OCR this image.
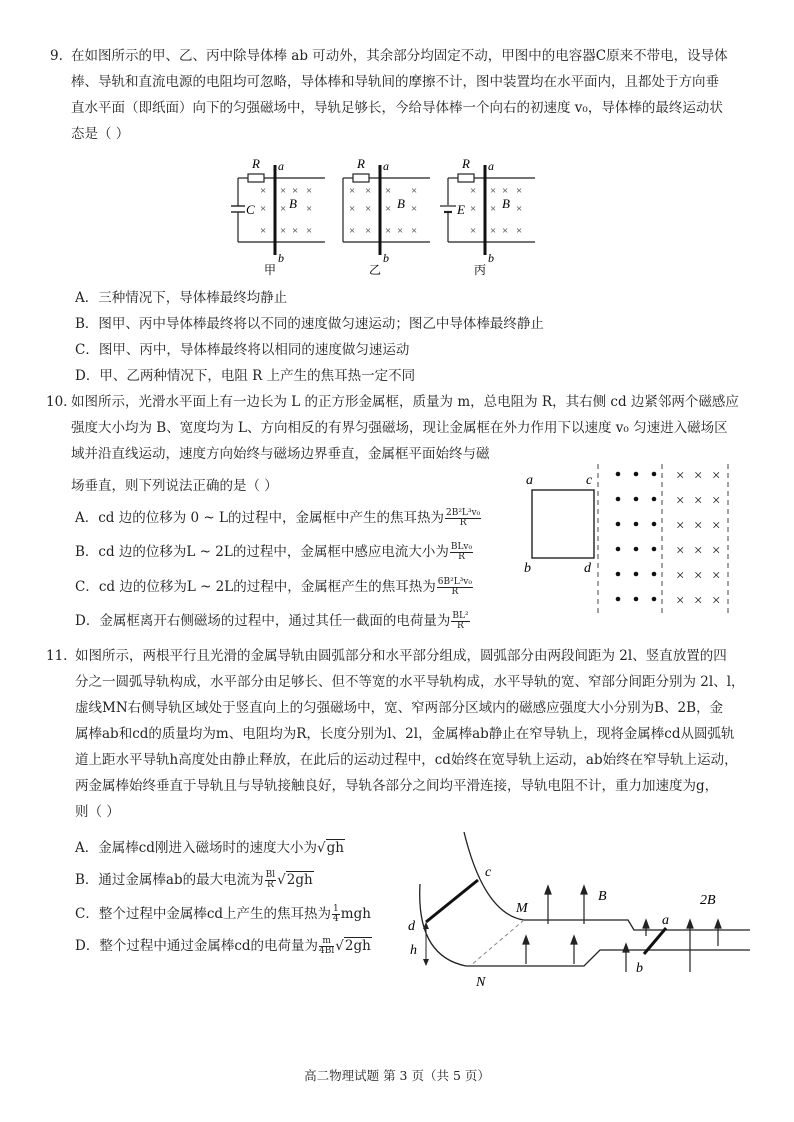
9. 在如图所示的甲、乙、丙中除导体棒 ab 可动外，其余部分均固定不动，甲图中的电容器C原来不带电，设导体
棒、导轨和直流电源的电阻均可忽略，导体棒和导轨间的摩擦不计，图中装置均在水平面内，且都处于方向垂
直水平面（即纸面）向下的匀强磁场中，导轨足够长，今给导体棒一个向右的初速度 v₀，导体棒的最终运动状
态是（ ）
R a
b
C	B
甲
× × × ×
× × ×
× × × ×
R a
b
B
乙
× × × ×
× × × ×
× × × × ×
R a
b
E	B
丙
× × × ×
× × ×
× × × ×
A．三种情况下，导体棒最终均静止
B．图甲、丙中导体棒最终将以不同的速度做匀速运动；图乙中导体棒最终静止
C．图甲、丙中，导体棒最终将以相同的速度做匀速运动
D．甲、乙两种情况下，电阻 R 上产生的焦耳热一定不同
10. 如图所示，光滑水平面上有一边长为 L 的正方形金属框，质量为 m，总电阻为 R，其右侧 cd 边紧邻两个磁感应
强度大小均为 B、宽度均为 L、方向相反的有界匀强磁场，现让金属框在外力作用下以速度 v₀ 匀速进入磁场区
域并沿直线运动，速度方向始终与磁场边界垂直，金属框平面始终与磁
场垂直，则下列说法正确的是（ ）
A．cd 边的位移为 0 ~ L的过程中，金属框中产生的焦耳热为 $\frac{\text{2B²L³v₀}}{R}$
B．cd 边的位移为L ~ 2L的过程中，金属框中感应电流大小为 $\frac{\text{BLv₀}}{R}$
C．cd 边的位移为L ~ 2L的过程中，金属框产生的焦耳热为 $\frac{\text{6B²L³v₀}}{R}$
D．金属框离开右侧磁场的过程中，通过其任一截面的电荷量为 $\frac{\text{BL²}}{R}$
a	c
b	d
× × ×
× × ×
× × ×
× × ×
× × ×
× × ×
11. 如图所示，两根平行且光滑的金属导轨由圆弧部分和水平部分组成，圆弧部分由两段间距为 2l、竖直放置的四
分之一圆弧导轨构成，水平部分由足够长、但不等宽的水平导轨构成，水平导轨的宽、窄部分间距分别为 2l、l，
虚线MN右侧导轨区域处于竖直向上的匀强磁场中，宽、窄两部分区域内的磁感应强度大小分别为B、2B，金
属棒ab和cd的质量均为m、电阻均为R，长度分别为l、2l，金属棒ab静止在窄导轨上，现将金属棒cd从圆弧轨
道上距水平导轨h高度处由静止释放，在此后的运动过程中，cd始终在宽导轨上运动，ab始终在窄导轨上运动，
两金属棒始终垂直于导轨且与导轨接触良好，导轨各部分之间均平滑连接，导轨电阻不计，重力加速度为g，
则（ ）
A．金属棒cd刚进入磁场时的速度大小为√gh
B．通过金属棒ab的最大电流为 $\frac{Bl}{R} √2gh$
C．整个过程中金属棒cd上产生的焦耳热为 $\frac{1}{4}$ mgh
D．整个过程中通过金属棒cd的电荷量为 $\frac{m}{4Bl} √2gh$
c
d
h
M
N
a
b
B	2B
高二物理试题 第 3 页（共 5 页）
